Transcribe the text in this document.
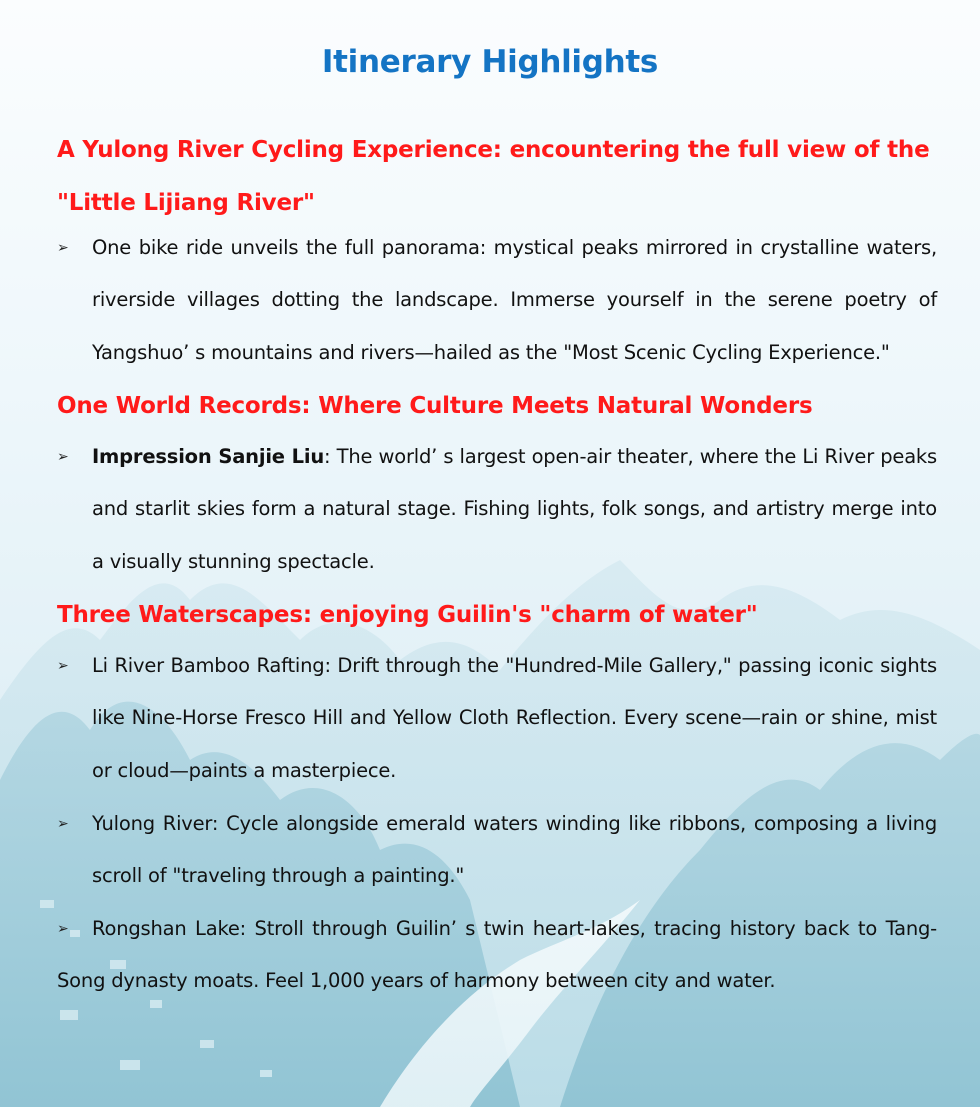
Itinerary Highlights
A Yulong River Cycling Experience: encountering the full view of the "Little Lijiang River"
➢	One bike ride unveils the full panorama: mystical peaks mirrored in crystalline waters, riverside villages dotting the landscape. Immerse yourself in the serene poetry of Yangshuo’ s mountains and rivers—hailed as the "Most Scenic Cycling Experience."
One World Records: Where Culture Meets Natural Wonders
➢	Impression Sanjie Liu: The world’ s largest open-air theater, where the Li River peaks and starlit skies form a natural stage. Fishing lights, folk songs, and artistry merge into a visually stunning spectacle.
Three Waterscapes: enjoying Guilin's "charm of water"
➢	Li River Bamboo Rafting: Drift through the "Hundred-Mile Gallery," passing iconic sights like Nine-Horse Fresco Hill and Yellow Cloth Reflection. Every scene—rain or shine, mist or cloud—paints a masterpiece.
➢	Yulong River: Cycle alongside emerald waters winding like ribbons, composing a living scroll of "traveling through a painting."
➢	Rongshan Lake: Stroll through Guilin’ s twin heart-lakes, tracing history back to Tang-Song dynasty moats. Feel 1,000 years of harmony between city and water.
